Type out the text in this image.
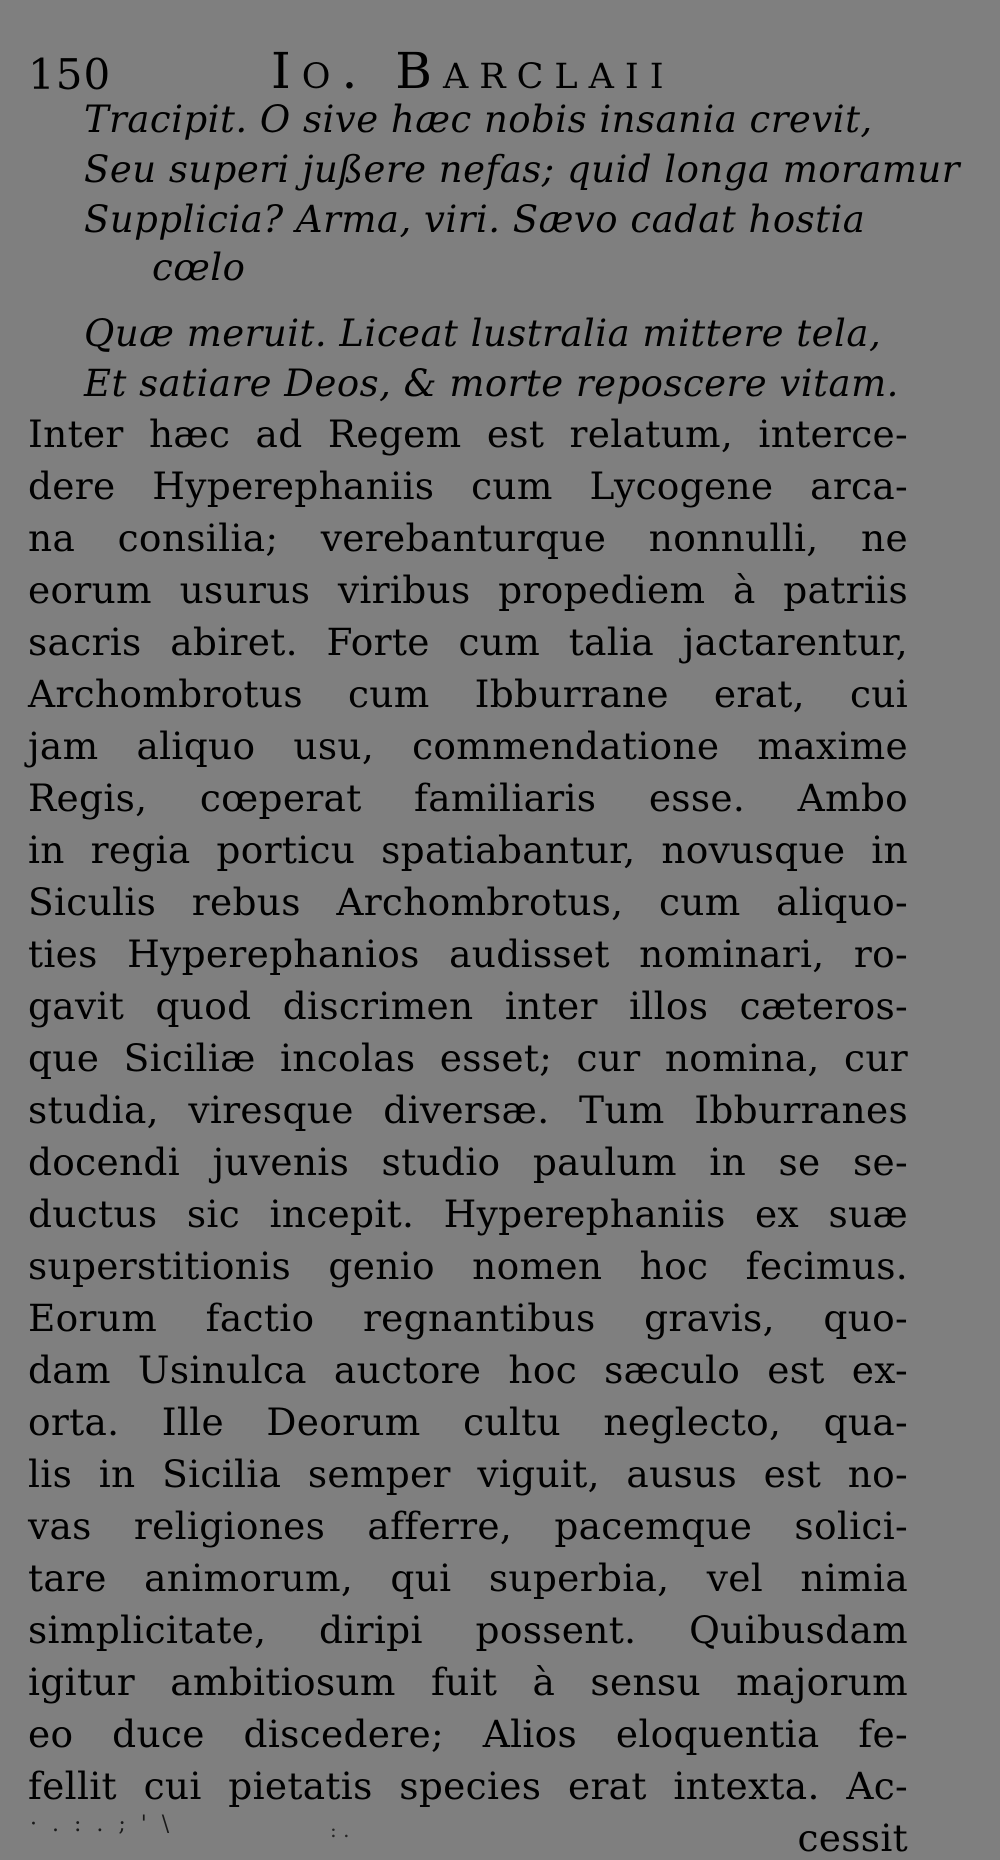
150	Io. Barclaii
Tracipit. O sive hæc nobis insania crevit,
Seu superi jußere nefas; quid longa moramur
Supplicia? Arma, viri. Sævo cadat hostia
cœlo
Quæ meruit. Liceat lustralia mittere tela,
Et satiare Deos, & morte reposcere vitam.
Inter hæc ad Regem est relatum, interce-
dere Hyperephaniis cum Lycogene arca-
na consilia; verebanturque nonnulli, ne
eorum usurus viribus propediem à patriis
sacris abiret. Forte cum talia jactarentur,
Archombrotus cum Ibburrane erat, cui
jam aliquo usu, commendatione maxime
Regis, cœperat familiaris esse. Ambo
in regia porticu spatiabantur, novusque in
Siculis rebus Archombrotus, cum aliquo-
ties Hyperephanios audisset nominari, ro-
gavit quod discrimen inter illos cæteros-
que Siciliæ incolas esset; cur nomina, cur
studia, viresque diversæ. Tum Ibburranes
docendi juvenis studio paulum in se se-
ductus sic incepit. Hyperephaniis ex suæ
superstitionis genio nomen hoc fecimus.
Eorum factio regnantibus gravis, quo-
dam Usinulca auctore hoc sæculo est ex-
orta. Ille Deorum cultu neglecto, qua-
lis in Sicilia semper viguit, ausus est no-
vas religiones afferre, pacemque solici-
tare animorum, qui superbia, vel nimia
simplicitate, diripi possent. Quibusdam
igitur ambitiosum fuit à sensu majorum
eo duce discedere; Alios eloquentia fe-
fellit cui pietatis species erat intexta. Ac-
cessit
· . : . ; ' \	: .
